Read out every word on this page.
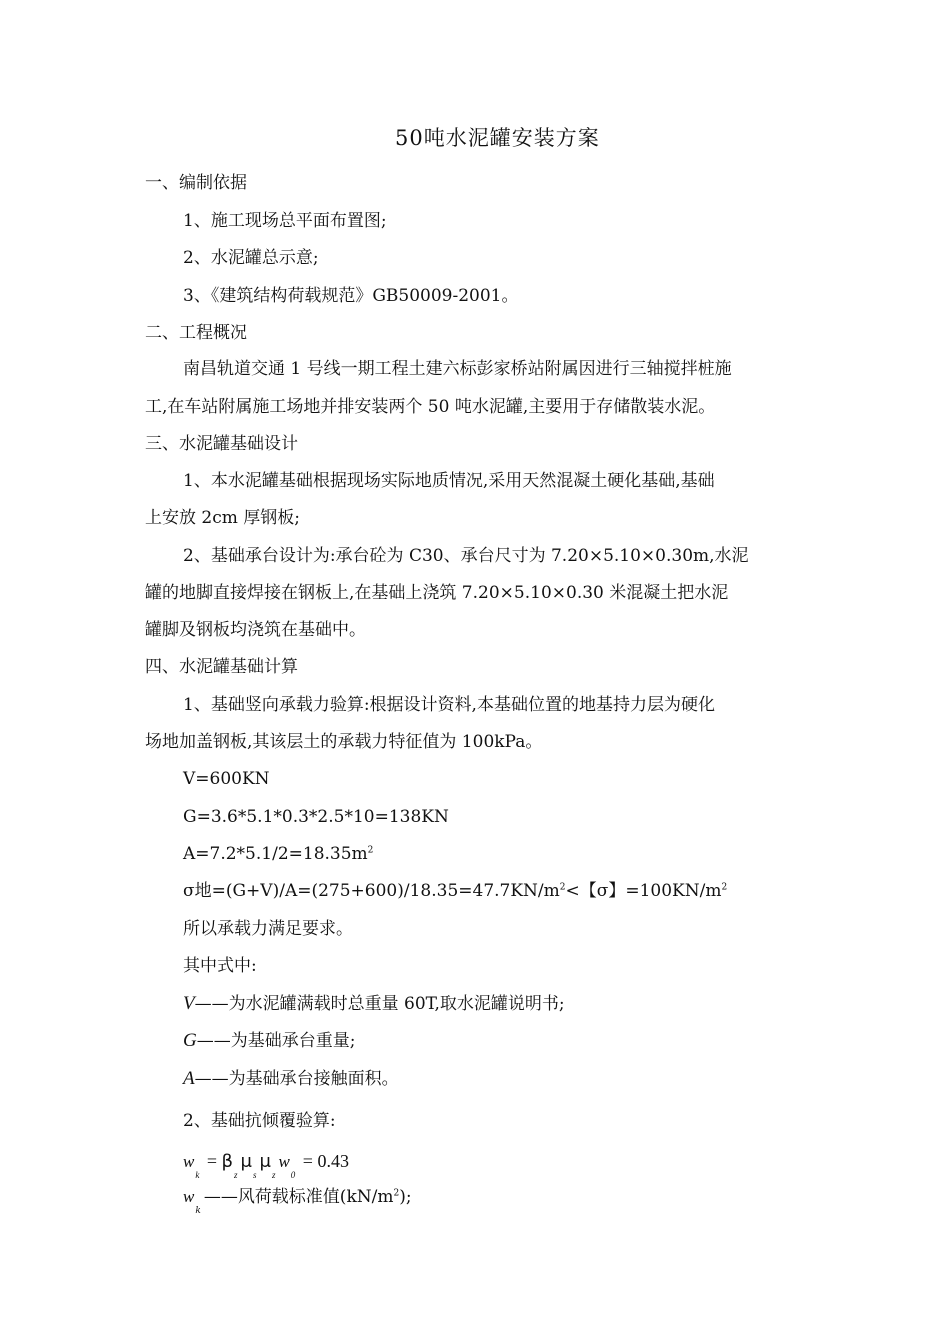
50吨水泥罐安装方案
一、编制依据
1、施工现场总平面布置图;
2、水泥罐总示意;
3、《建筑结构荷载规范》GB50009-2001。
二、工程概况
南昌轨道交通 1 号线一期工程土建六标彭家桥站附属因进行三轴搅拌桩施
工,在车站附属施工场地并排安装两个 50 吨水泥罐,主要用于存储散装水泥。
三、水泥罐基础设计
1、本水泥罐基础根据现场实际地质情况,采用天然混凝土硬化基础,基础
上安放 2cm 厚钢板;
2、基础承台设计为:承台砼为 C30、承台尺寸为 7.20×5.10×0.30m,水泥
罐的地脚直接焊接在钢板上,在基础上浇筑 7.20×5.10×0.30 米混凝土把水泥
罐脚及钢板均浇筑在基础中。
四、水泥罐基础计算
1、基础竖向承载力验算:根据设计资料,本基础位置的地基持力层为硬化
场地加盖钢板,其该层土的承载力特征值为 100kPa。
V=600KN
G=3.6*5.1*0.3*2.5*10=138KN
$A=7.2*5.1/2=18.35m^2$
σ地$=(G+V)/A=(275+600)/18.35=47.7KN/m^2<$【σ】$=100KN/m^2$
所以承载力满足要求。
其中式中:
V——为水泥罐满载时总重量 60T,取水泥罐说明书;
G——为基础承台重量;
A——为基础承台接触面积。
2、基础抗倾覆验算:
$w_k = \beta_z\mu_s\mu_zw_0 = 0.43$
$w_k——$风荷载标准值$(kN/m^2)$;
